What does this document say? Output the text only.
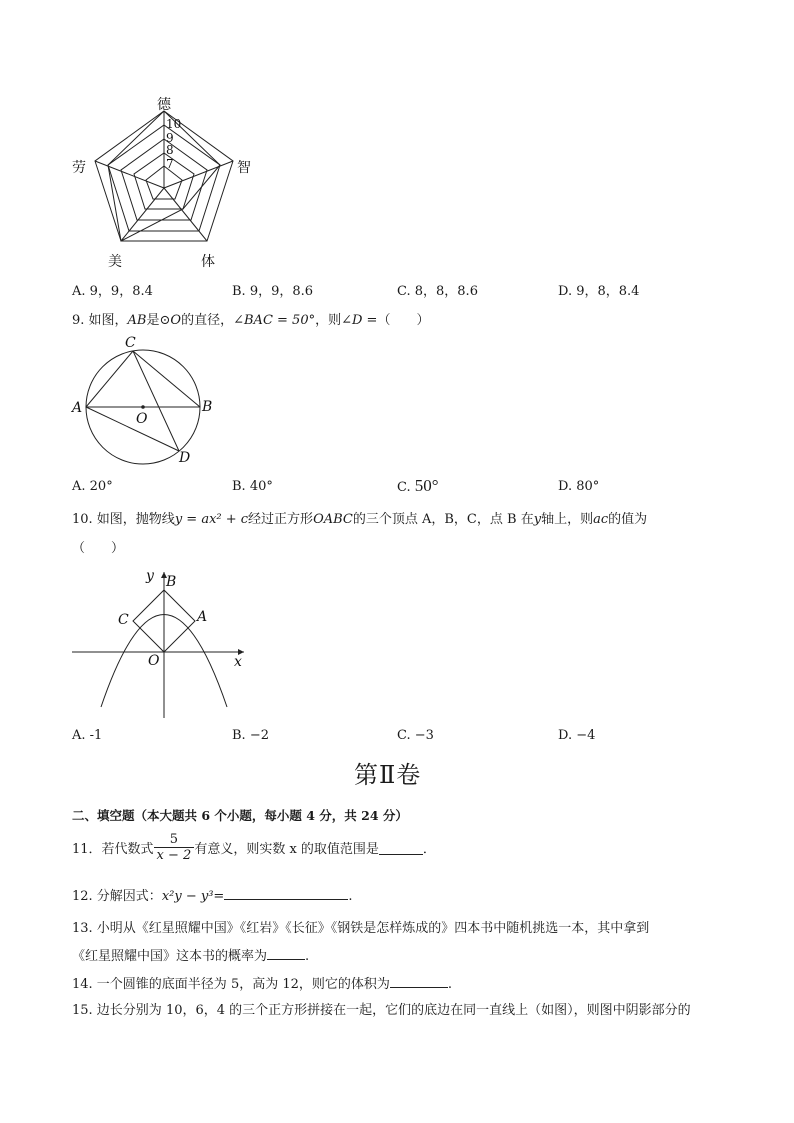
德
智
体
美
劳
10
9
8
7
A. 9，9，8.4	B. 9，9，8.6	C. 8，8，8.6	D. 9，8，8.4
9. 如图，AB是⊙O的直径，∠BAC = 50°，则∠D =（　　）
C
A	B
O
D
A. 20°	B. 40°	C. 50°	D. 80°
10. 如图，抛物线y = ax² + c经过正方形OABC的三个顶点 A，B，C，点 B 在y轴上，则ac的值为
（　　）
y
x
B
C	A
O
A. -1	B. −2	C. −3	D. −4
第Ⅱ卷
二、填空题（本大题共 6 个小题，每小题 4 分，共 24 分）
11．若代数式 $\frac{5}{x - 2}$ 有意义，则实数 x 的取值范围是	．
12. 分解因式：x²y − y³=	.
13. 小明从《红星照耀中国》《红岩》《长征》《钢铁是怎样炼成的》四本书中随机挑选一本，其中拿到
《红星照耀中国》这本书的概率为	.
14. 一个圆锥的底面半径为 5，高为 12，则它的体积为	.
15. 边长分别为 10，6，4 的三个正方形拼接在一起，它们的底边在同一直线上（如图），则图中阴影部分的
